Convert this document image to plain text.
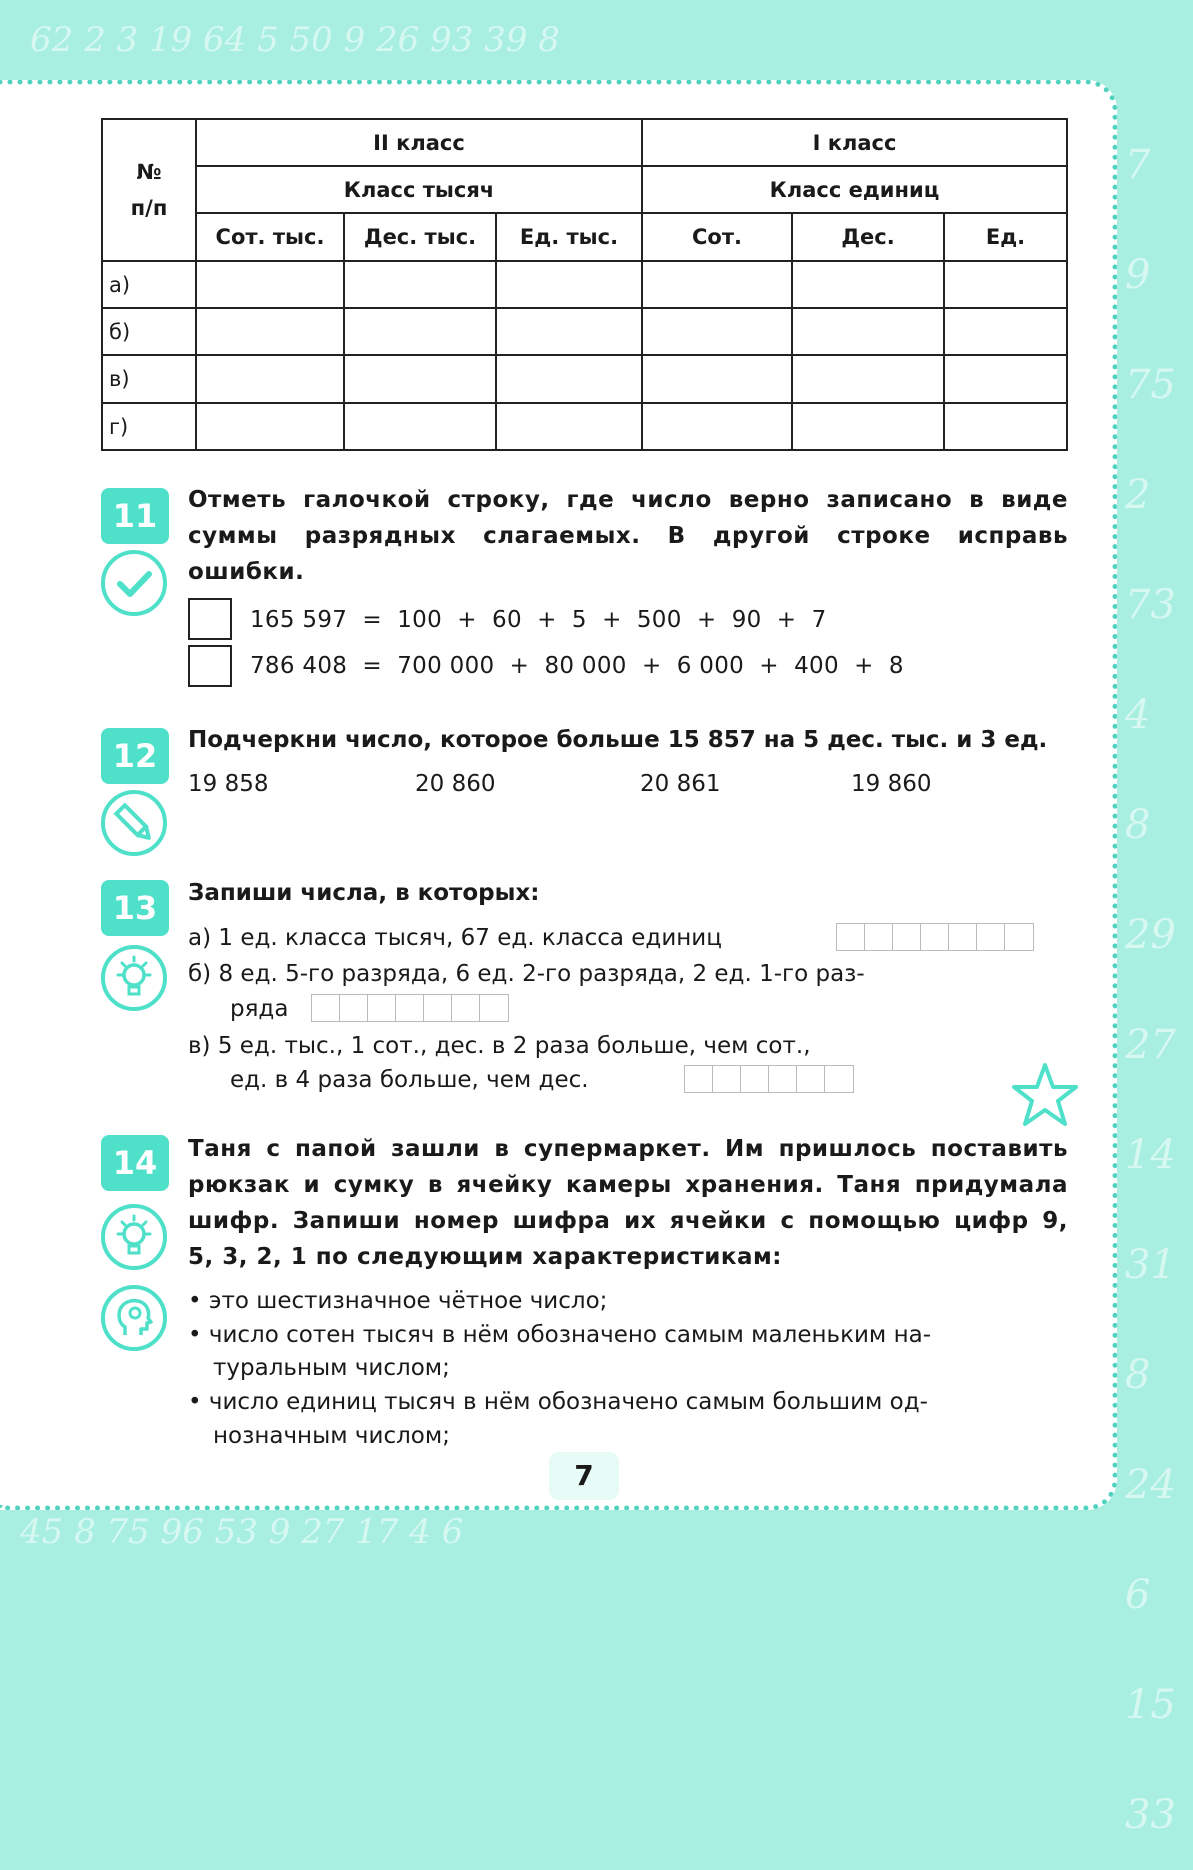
62 2 3 19 64 5 50 9 26 93 39 8
7
9
75
2
73
4
8
29
27
14
31
8
24
6
15
33
45 8 75 96 53 9 27 17 4 6
№
п/п	II класс			I класс		
	Класс тысяч			Класс единиц		
	Сот. тыс.	Дес. тыс.	Ед. тыс.	Сот.	Дес.	Ед.
а)						
б)						
в)						
г)						
11	Отметь галочкой строку, где число верно записано в виде
суммы разрядных слагаемых. В другой строке исправь
ошибки.
165 597  =  100  +  60  +  5  +  500  +  90  +  7
786 408  =  700 000  +  80 000  +  6 000  +  400  +  8
12	Подчеркни число, которое больше 15 857 на 5 дес. тыс. и 3 ед.
19 858	20 860	20 861	19 860
13	Запиши числа, в которых:
а) 1 ед. класса тысяч, 67 ед. класса единиц
б) 8 ед. 5-го разряда, 6 ед. 2-го разряда, 2 ед. 1-го раз-
ряда
в) 5 ед. тыс., 1 сот., дес. в 2 раза больше, чем сот.,
ед. в 4 раза больше, чем дес.
14	Таня с папой зашли в супермаркет. Им пришлось поставить
рюкзак и сумку в ячейку камеры хранения. Таня придумала
шифр. Запиши номер шифра их ячейки с помощью цифр 9,
5, 3, 2, 1 по следующим характеристикам:
• это шестизначное чётное число;
• число сотен тысяч в нём обозначено самым маленьким на-
туральным числом;
• число единиц тысяч в нём обозначено самым большим од-
нозначным числом;
7
